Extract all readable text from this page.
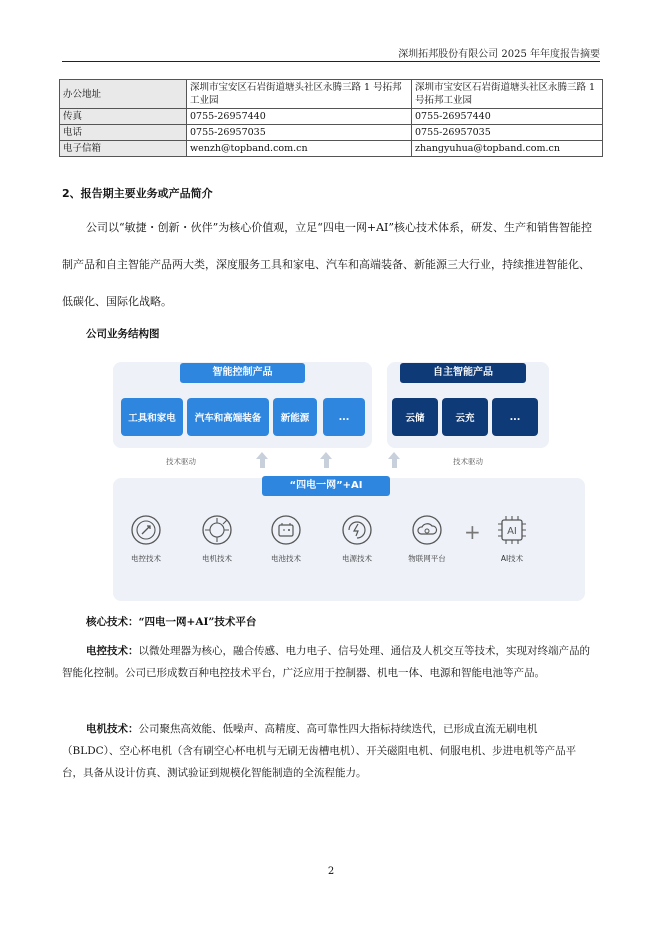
深圳拓邦股份有限公司 2025 年年度报告摘要
办公地址	深圳市宝安区石岩街道塘头社区永腾三路 1 号拓邦工业园	深圳市宝安区石岩街道塘头社区永腾三路 1 号拓邦工业园
传真	0755-26957440	0755-26957440
电话	0755-26957035	0755-26957035
电子信箱	wenzh@topband.com.cn	zhangyuhua@topband.com.cn
2、报告期主要业务或产品简介

公司以“敏捷・创新・伙伴”为核心价值观，立足“四电一网+AI”核心技术体系，研发、生产和销售智能控制产品和自主智能产品两大类，深度服务工具和家电、汽车和高端装备、新能源三大行业，持续推进智能化、低碳化、国际化战略。

公司业务结构图
智能控制产品
工具和家电	汽车和高端装备	新能源	...
自主智能产品
云储	云充	...
技术驱动	技术驱动
“四电一网”+AI
电控技术	电机技术	电池技术	电源技术	物联网平台
+	AI
AI技术
核心技术：“四电一网+AI”技术平台

电控技术：以微处理器为核心，融合传感、电力电子、信号处理、通信及人机交互等技术，实现对终端产品的智能化控制。公司已形成数百种电控技术平台，广泛应用于控制器、机电一体、电源和智能电池等产品。

电机技术：公司聚焦高效能、低噪声、高精度、高可靠性四大指标持续迭代，已形成直流无刷电机（BLDC）、空心杯电机（含有刷空心杯电机与无刷无齿槽电机）、开关磁阻电机、伺服电机、步进电机等产品平台，具备从设计仿真、测试验证到规模化智能制造的全流程能力。

2
